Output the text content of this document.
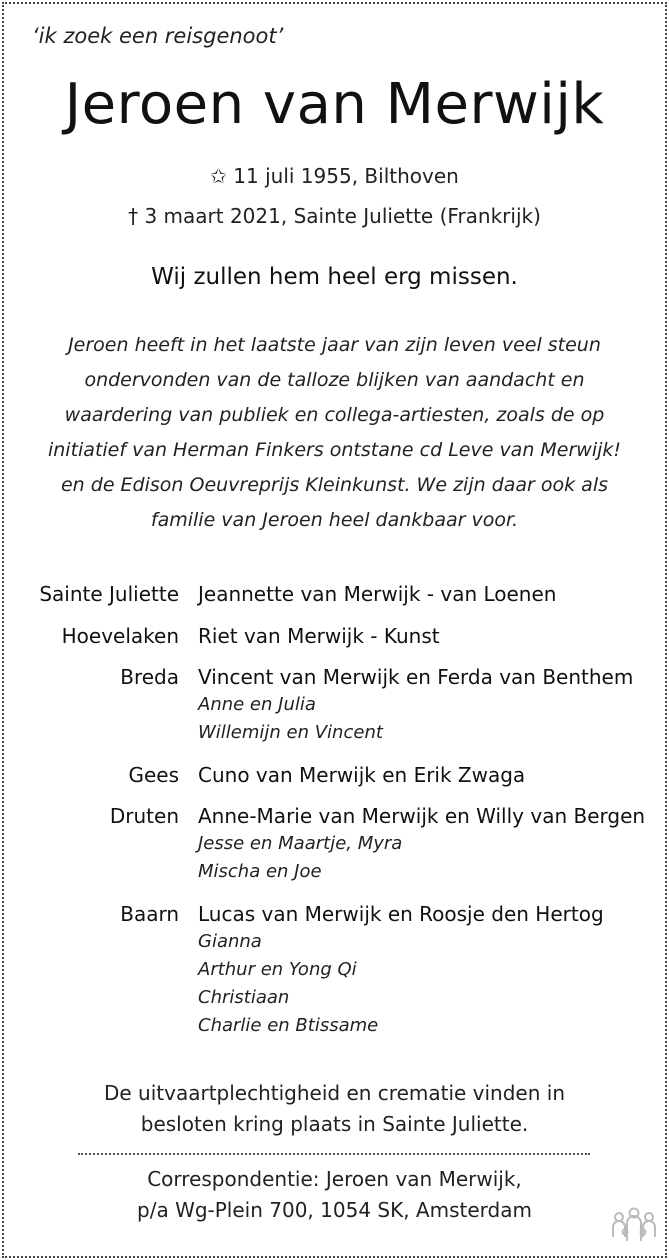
‘ik zoek een reisgenoot’
Jeroen van Merwijk
✩ 11 juli 1955, Bilthoven
† 3 maart 2021, Sainte Juliette (Frankrijk)
Wij zullen hem heel erg missen.
Jeroen heeft in het laatste jaar van zijn leven veel steun
ondervonden van de talloze blijken van aandacht en
waardering van publiek en collega-artiesten, zoals de op
initiatief van Herman Finkers ontstane cd Leve van Merwijk!
en de Edison Oeuvreprijs Kleinkunst. We zijn daar ook als
familie van Jeroen heel dankbaar voor.
Sainte Juliette Jeannette van Merwijk - van Loenen
Hoevelaken Riet van Merwijk - Kunst
Breda Vincent van Merwijk en Ferda van Benthem
Anne en Julia
Willemijn en Vincent
Gees Cuno van Merwijk en Erik Zwaga
Druten Anne-Marie van Merwijk en Willy van Bergen
Jesse en Maartje, Myra
Mischa en Joe
Baarn Lucas van Merwijk en Roosje den Hertog
Gianna
Arthur en Yong Qi
Christiaan
Charlie en Btissame
De uitvaartplechtigheid en crematie vinden in
besloten kring plaats in Sainte Juliette.
Correspondentie: Jeroen van Merwijk,
p/a Wg-Plein 700, 1054 SK, Amsterdam
